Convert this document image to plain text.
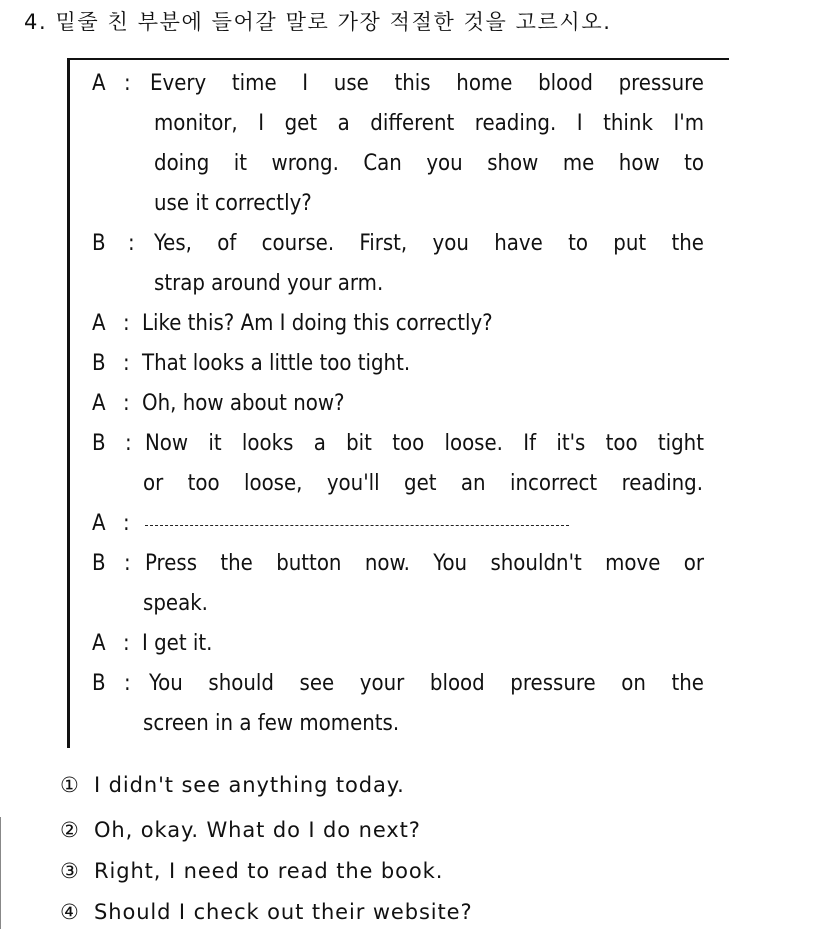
4. 밑줄 친 부분에 들어갈 말로 가장 적절한 것을 고르시오.
A : Every time I use this home blood pressure
monitor, I get a different reading. I think I'm
doing it wrong. Can you show me how to
use it correctly?
B : Yes, of course. First, you have to put the
strap around your arm.
A : Like this? Am I doing this correctly?
B : That looks a little too tight.
A : Oh, how about now?
B : Now it looks a bit too loose. If it's too tight
or too loose, you'll get an incorrect reading.
A :
B : Press the button now. You shouldn't move or
speak.
A : I get it.
B : You should see your blood pressure on the
screen in a few moments.
① I didn't see anything today.
② Oh, okay. What do I do next?
③ Right, I need to read the book.
④ Should I check out their website?
